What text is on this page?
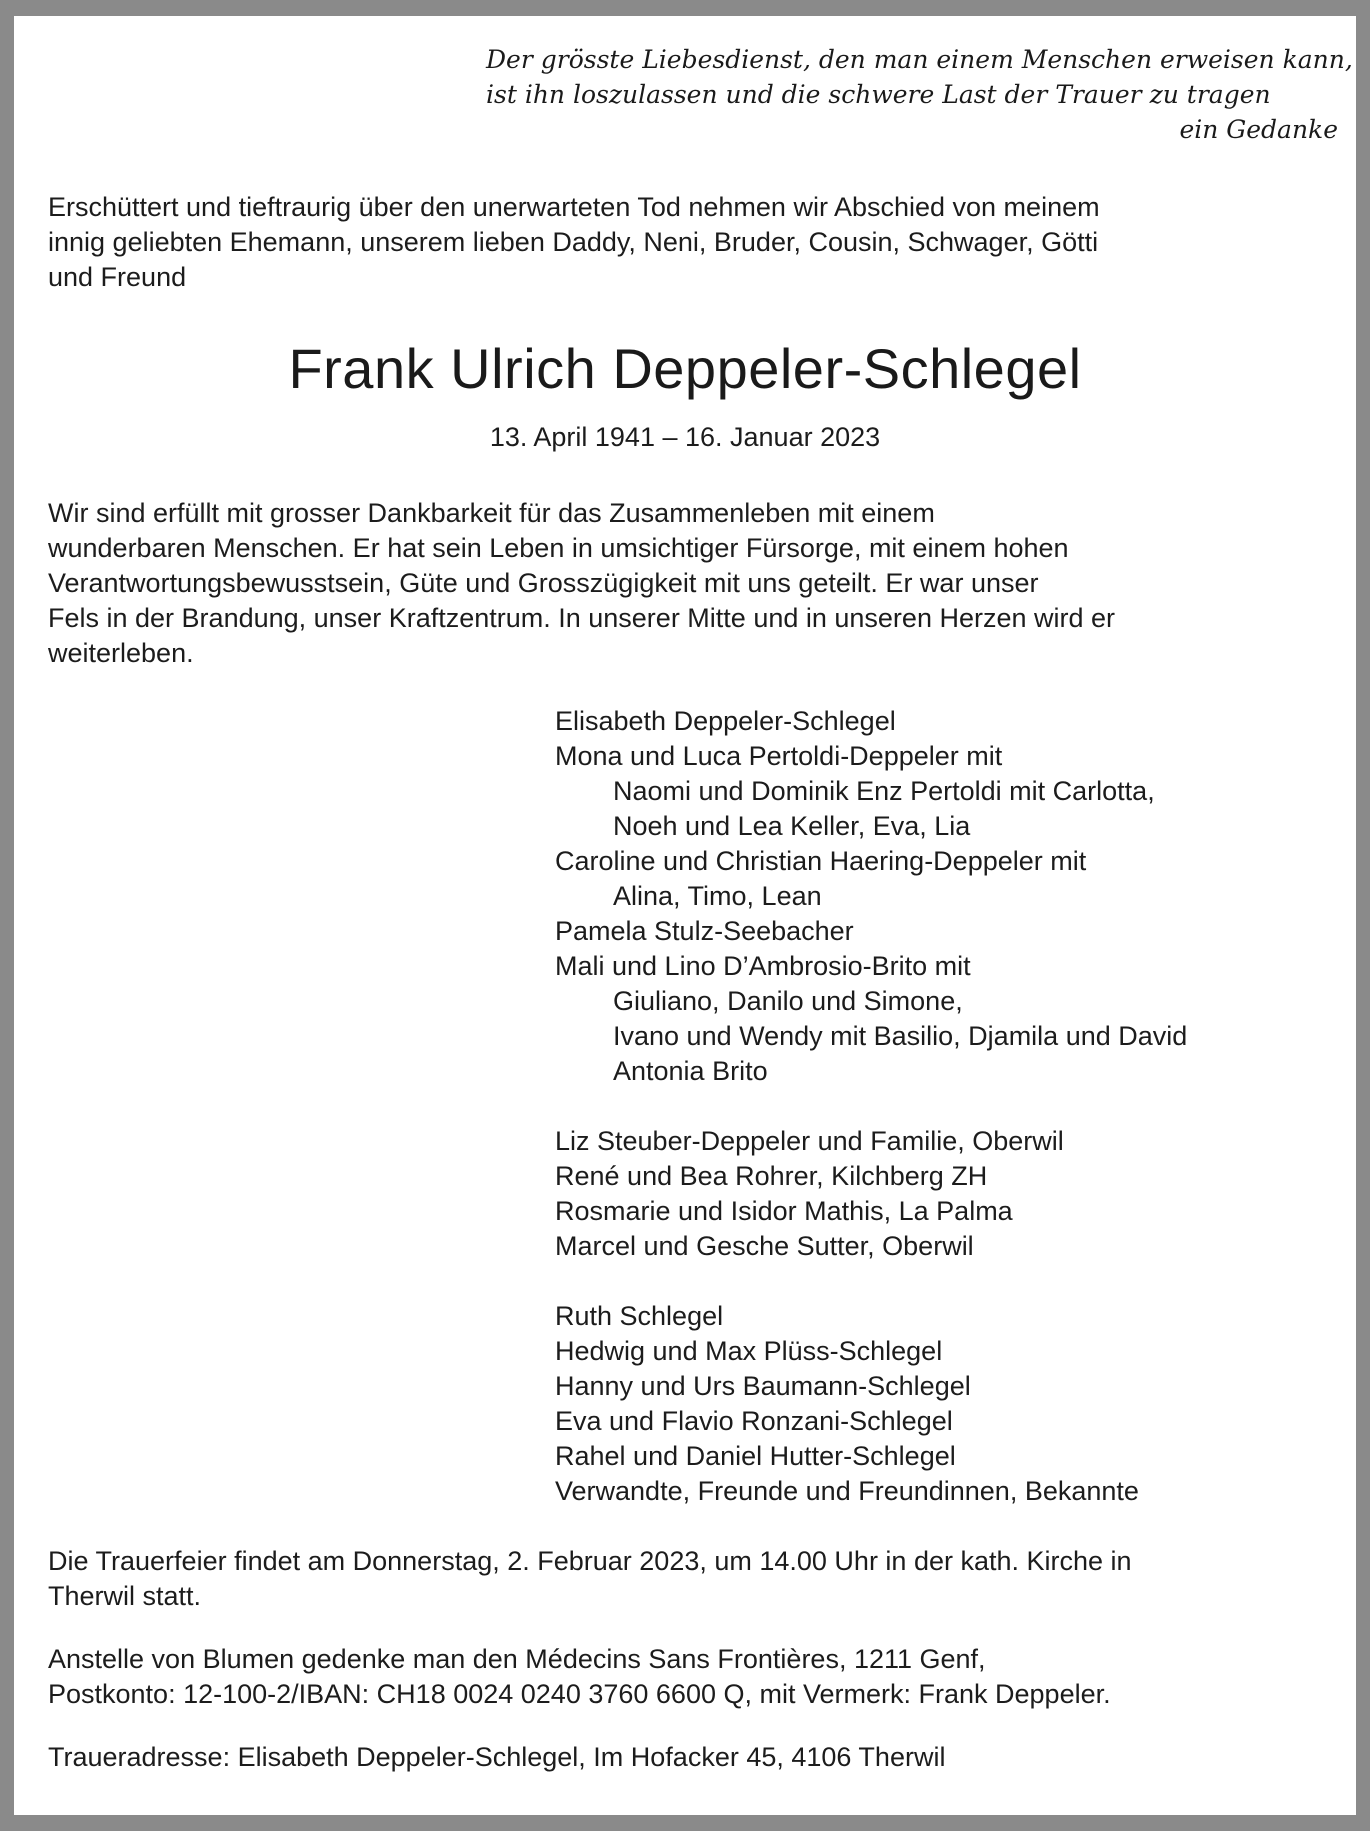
Der grösste Liebesdienst, den man einem Menschen erweisen kann,
ist ihn loszulassen und die schwere Last der Trauer zu tragen
ein Gedanke
Erschüttert und tieftraurig über den unerwarteten Tod nehmen wir Abschied von meinem
innig geliebten Ehemann, unserem lieben Daddy, Neni, Bruder, Cousin, Schwager, Götti
und Freund
Frank Ulrich Deppeler-Schlegel
13. April 1941 – 16. Januar 2023
Wir sind erfüllt mit grosser Dankbarkeit für das Zusammenleben mit einem
wunderbaren Menschen. Er hat sein Leben in umsichtiger Fürsorge, mit einem hohen
Verantwortungsbewusstsein, Güte und Grosszügigkeit mit uns geteilt. Er war unser
Fels in der Brandung, unser Kraftzentrum. In unserer Mitte und in unseren Herzen wird er
weiterleben.
Elisabeth Deppeler-Schlegel
Mona und Luca Pertoldi-Deppeler mit
Naomi und Dominik Enz Pertoldi mit Carlotta,
Noeh und Lea Keller, Eva, Lia
Caroline und Christian Haering-Deppeler mit
Alina, Timo, Lean
Pamela Stulz-Seebacher
Mali und Lino D’Ambrosio-Brito mit
Giuliano, Danilo und Simone,
Ivano und Wendy mit Basilio, Djamila und David
Antonia Brito
Liz Steuber-Deppeler und Familie, Oberwil
René und Bea Rohrer, Kilchberg ZH
Rosmarie und Isidor Mathis, La Palma
Marcel und Gesche Sutter, Oberwil
Ruth Schlegel
Hedwig und Max Plüss-Schlegel
Hanny und Urs Baumann-Schlegel
Eva und Flavio Ronzani-Schlegel
Rahel und Daniel Hutter-Schlegel
Verwandte, Freunde und Freundinnen, Bekannte
Die Trauerfeier findet am Donnerstag, 2. Februar 2023, um 14.00 Uhr in der kath. Kirche in
Therwil statt.
Anstelle von Blumen gedenke man den Médecins Sans Frontières, 1211 Genf,
Postkonto: 12-100-2/IBAN: CH18 0024 0240 3760 6600 Q, mit Vermerk: Frank Deppeler.
Traueradresse: Elisabeth Deppeler-Schlegel, Im Hofacker 45, 4106 Therwil
